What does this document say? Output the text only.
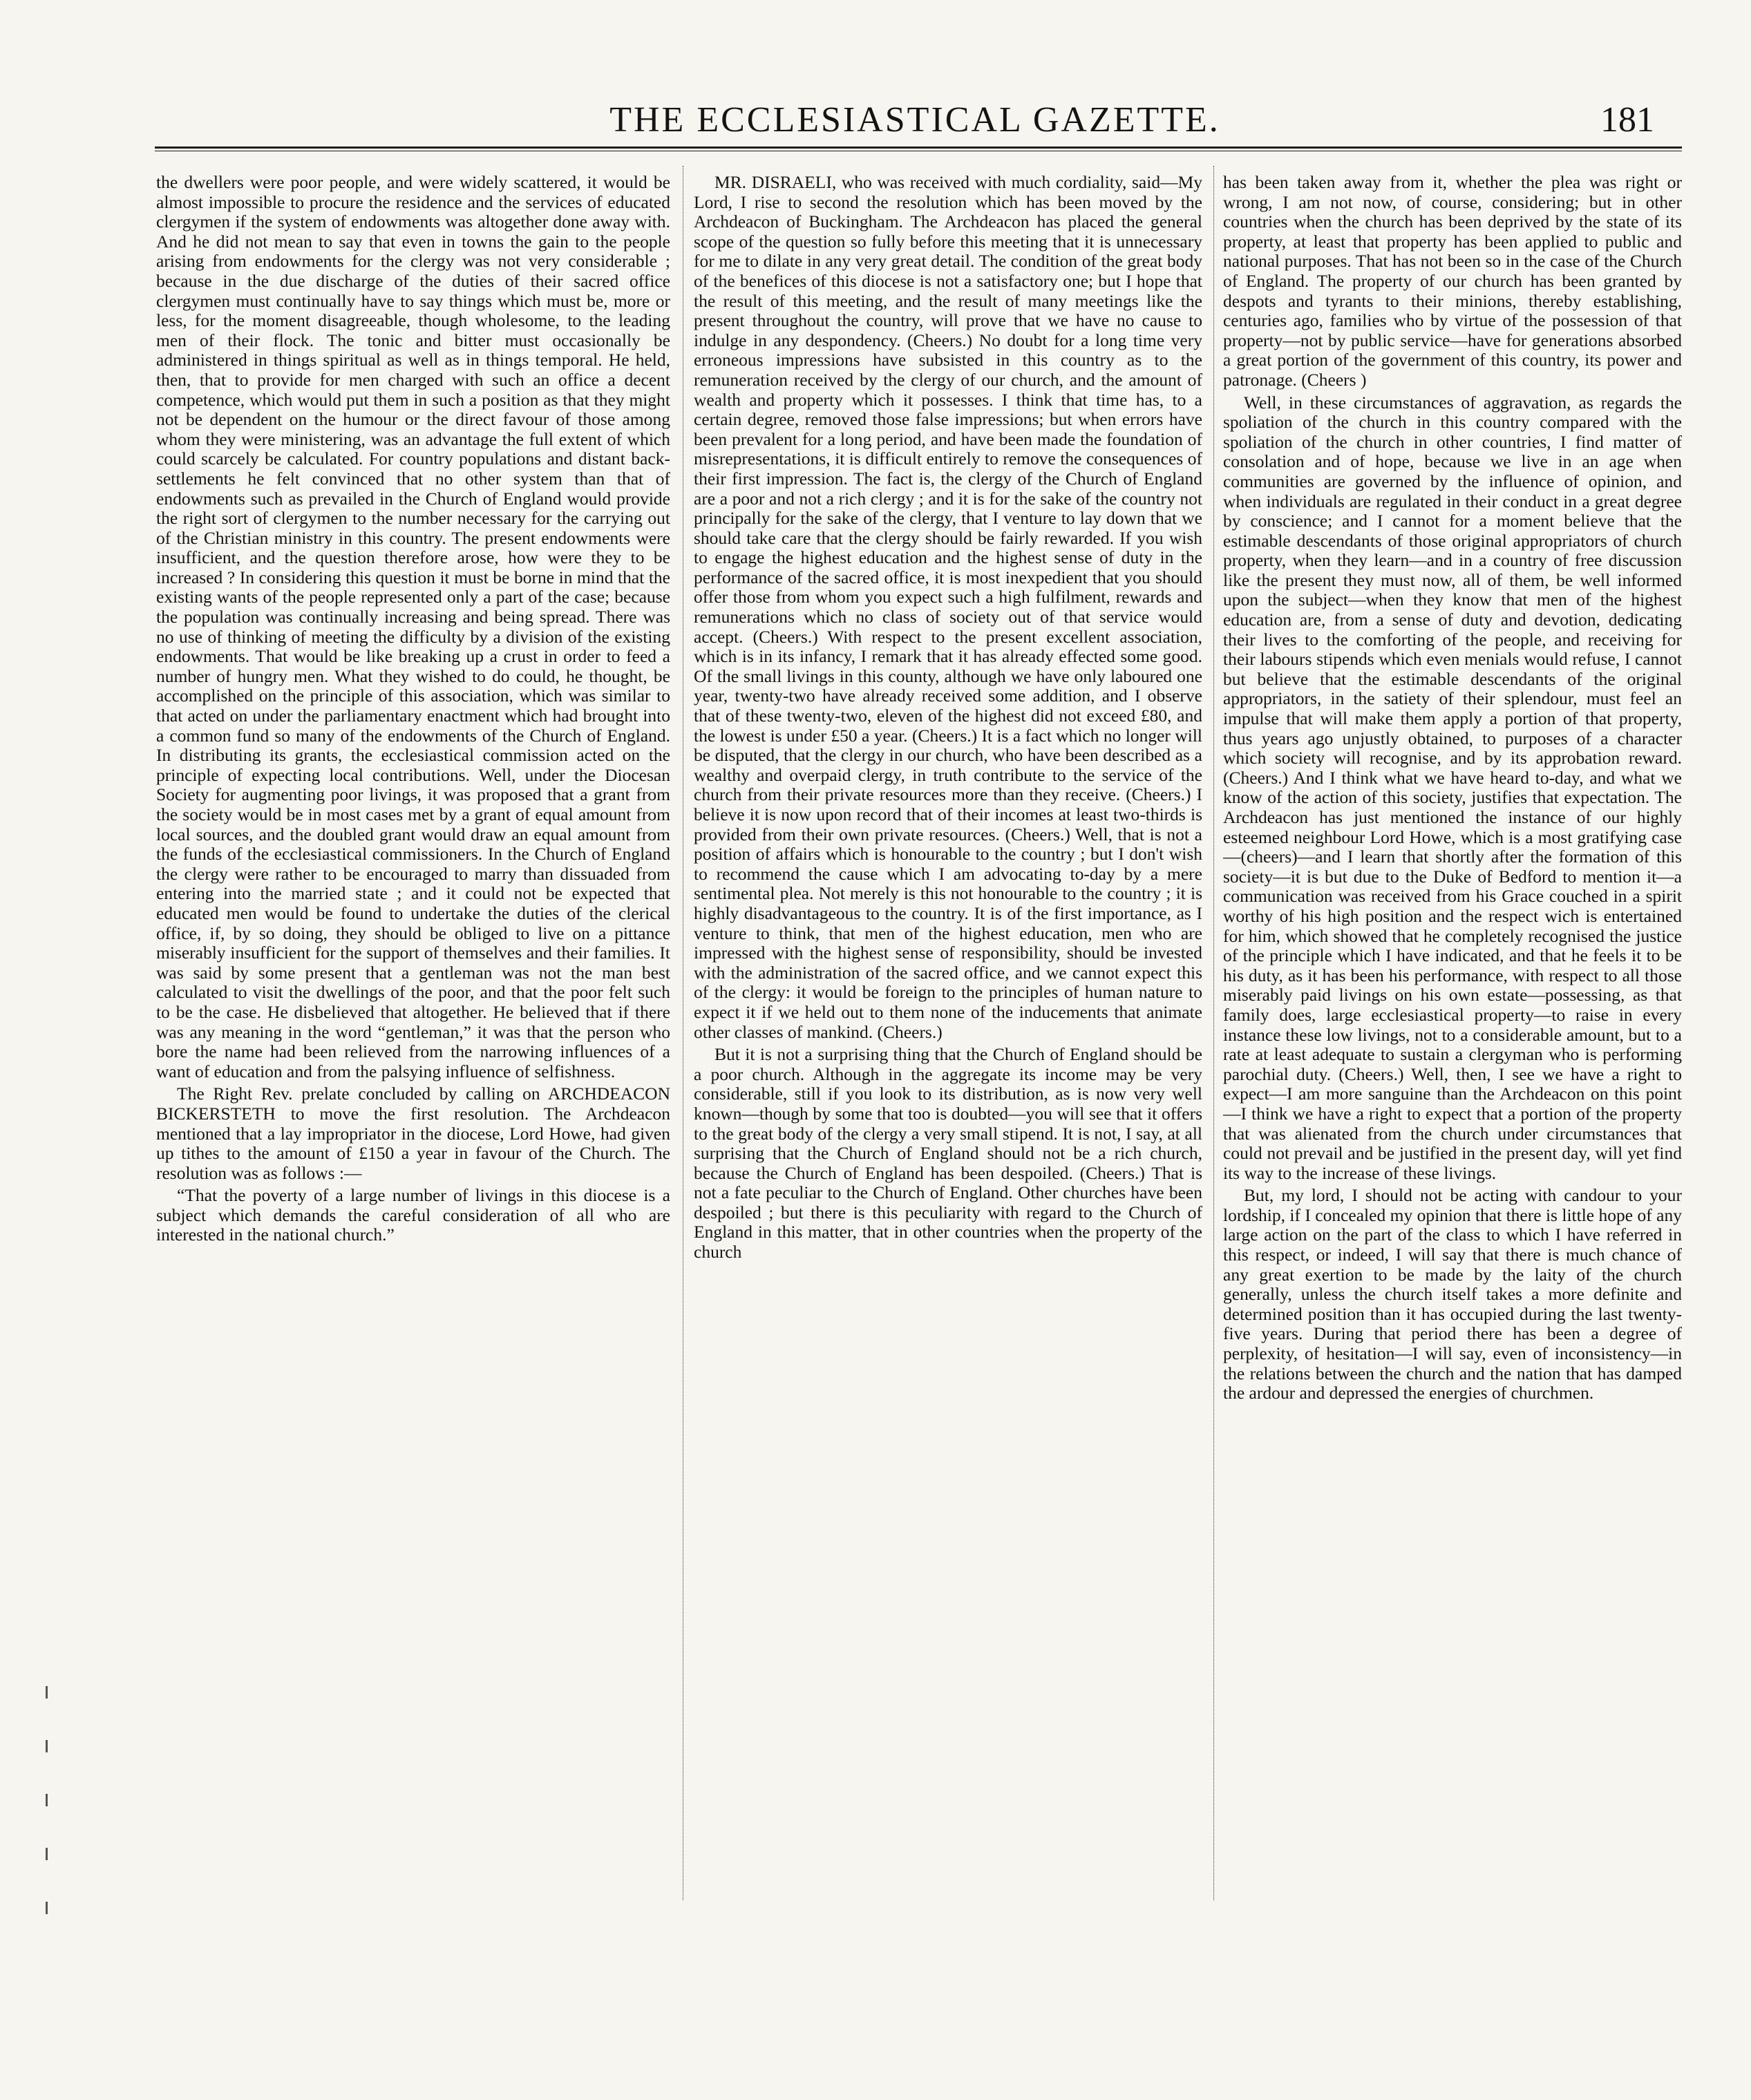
THE ECCLESIASTICAL GAZETTE.	181

the dwellers were poor people, and were widely scattered, it would be almost impossible to procure the residence and the services of educated clergymen if the system of endowments was altogether done away with. And he did not mean to say that even in towns the gain to the people arising from endowments for the clergy was not very considerable ; because in the due discharge of the duties of their sacred office clergymen must continually have to say things which must be, more or less, for the moment disagreeable, though wholesome, to the leading men of their flock. The tonic and bitter must occasionally be administered in things spiritual as well as in things temporal. He held, then, that to provide for men charged with such an office a decent competence, which would put them in such a position as that they might not be dependent on the humour or the direct favour of those among whom they were ministering, was an advantage the full extent of which could scarcely be calculated. For country populations and distant back-settlements he felt convinced that no other system than that of endowments such as prevailed in the Church of England would provide the right sort of clergymen to the number necessary for the carrying out of the Christian ministry in this country. The present endowments were insufficient, and the question therefore arose, how were they to be increased ? In considering this question it must be borne in mind that the existing wants of the people represented only a part of the case; because the population was continually increasing and being spread. There was no use of thinking of meeting the difficulty by a division of the existing endowments. That would be like breaking up a crust in order to feed a number of hungry men. What they wished to do could, he thought, be accomplished on the principle of this association, which was similar to that acted on under the parliamentary enactment which had brought into a common fund so many of the endowments of the Church of England. In distributing its grants, the ecclesiastical commission acted on the principle of expecting local contributions. Well, under the Diocesan Society for augmenting poor livings, it was proposed that a grant from the society would be in most cases met by a grant of equal amount from local sources, and the doubled grant would draw an equal amount from the funds of the ecclesiastical commissioners. In the Church of England the clergy were rather to be encouraged to marry than dissuaded from entering into the married state ; and it could not be expected that educated men would be found to undertake the duties of the clerical office, if, by so doing, they should be obliged to live on a pittance miserably insufficient for the support of themselves and their families. It was said by some present that a gentleman was not the man best calculated to visit the dwellings of the poor, and that the poor felt such to be the case. He disbelieved that altogether. He believed that if there was any meaning in the word “gentleman,” it was that the person who bore the name had been relieved from the narrowing influences of a want of education and from the palsying influence of selfishness.

The Right Rev. prelate concluded by calling on ARCHDEACON BICKERSTETH to move the first resolution. The Archdeacon mentioned that a lay impropriator in the diocese, Lord Howe, had given up tithes to the amount of £150 a year in favour of the Church. The resolution was as follows :—

“That the poverty of a large number of livings in this diocese is a subject which demands the careful consideration of all who are interested in the national church.”

MR. DISRAELI, who was received with much cordiality, said—My Lord, I rise to second the resolution which has been moved by the Archdeacon of Buckingham. The Archdeacon has placed the general scope of the question so fully before this meeting that it is unnecessary for me to dilate in any very great detail. The condition of the great body of the benefices of this diocese is not a satisfactory one; but I hope that the result of this meeting, and the result of many meetings like the present throughout the country, will prove that we have no cause to indulge in any despondency. (Cheers.) No doubt for a long time very erroneous impressions have subsisted in this country as to the remuneration received by the clergy of our church, and the amount of wealth and property which it possesses. I think that time has, to a certain degree, removed those false impressions; but when errors have been prevalent for a long period, and have been made the foundation of misrepresentations, it is difficult entirely to remove the consequences of their first impression. The fact is, the clergy of the Church of England are a poor and not a rich clergy ; and it is for the sake of the country not principally for the sake of the clergy, that I venture to lay down that we should take care that the clergy should be fairly rewarded. If you wish to engage the highest education and the highest sense of duty in the performance of the sacred office, it is most inexpedient that you should offer those from whom you expect such a high fulfilment, rewards and remunerations which no class of society out of that service would accept. (Cheers.) With respect to the present excellent association, which is in its infancy, I remark that it has already effected some good. Of the small livings in this county, although we have only laboured one year, twenty-two have already received some addition, and I observe that of these twenty-two, eleven of the highest did not exceed £80, and the lowest is under £50 a year. (Cheers.) It is a fact which no longer will be disputed, that the clergy in our church, who have been described as a wealthy and overpaid clergy, in truth contribute to the service of the church from their private resources more than they receive. (Cheers.) I believe it is now upon record that of their incomes at least two-thirds is provided from their own private resources. (Cheers.) Well, that is not a position of affairs which is honourable to the country ; but I don't wish to recommend the cause which I am advocating to-day by a mere sentimental plea. Not merely is this not honourable to the country ; it is highly disadvantageous to the country. It is of the first importance, as I venture to think, that men of the highest education, men who are impressed with the highest sense of responsibility, should be invested with the administration of the sacred office, and we cannot expect this of the clergy: it would be foreign to the principles of human nature to expect it if we held out to them none of the inducements that animate other classes of mankind. (Cheers.)

But it is not a surprising thing that the Church of England should be a poor church. Although in the aggregate its income may be very considerable, still if you look to its distribution, as is now very well known—though by some that too is doubted—you will see that it offers to the great body of the clergy a very small stipend. It is not, I say, at all surprising that the Church of England should not be a rich church, because the Church of England has been despoiled. (Cheers.) That is not a fate peculiar to the Church of England. Other churches have been despoiled ; but there is this peculiarity with regard to the Church of England in this matter, that in other countries when the property of the church

has been taken away from it, whether the plea was right or wrong, I am not now, of course, considering; but in other countries when the church has been deprived by the state of its property, at least that property has been applied to public and national purposes. That has not been so in the case of the Church of England. The property of our church has been granted by despots and tyrants to their minions, thereby establishing, centuries ago, families who by virtue of the possession of that property—not by public service—have for generations absorbed a great portion of the government of this country, its power and patronage. (Cheers )

Well, in these circumstances of aggravation, as regards the spoliation of the church in this country compared with the spoliation of the church in other countries, I find matter of consolation and of hope, because we live in an age when communities are governed by the influence of opinion, and when individuals are regulated in their conduct in a great degree by conscience; and I cannot for a moment believe that the estimable descendants of those original appropriators of church property, when they learn—and in a country of free discussion like the present they must now, all of them, be well informed upon the subject—when they know that men of the highest education are, from a sense of duty and devotion, dedicating their lives to the comforting of the people, and receiving for their labours stipends which even menials would refuse, I cannot but believe that the estimable descendants of the original appropriators, in the satiety of their splendour, must feel an impulse that will make them apply a portion of that property, thus years ago unjustly obtained, to purposes of a character which society will recognise, and by its approbation reward. (Cheers.) And I think what we have heard to-day, and what we know of the action of this society, justifies that expectation. The Archdeacon has just mentioned the instance of our highly esteemed neighbour Lord Howe, which is a most gratifying case—(cheers)—and I learn that shortly after the formation of this society—it is but due to the Duke of Bedford to mention it—a communication was received from his Grace couched in a spirit worthy of his high position and the respect wich is entertained for him, which showed that he completely recognised the justice of the principle which I have indicated, and that he feels it to be his duty, as it has been his performance, with respect to all those miserably paid livings on his own estate—possessing, as that family does, large ecclesiastical property—to raise in every instance these low livings, not to a considerable amount, but to a rate at least adequate to sustain a clergyman who is performing parochial duty. (Cheers.) Well, then, I see we have a right to expect—I am more sanguine than the Archdeacon on this point—I think we have a right to expect that a portion of the property that was alienated from the church under circumstances that could not prevail and be justified in the present day, will yet find its way to the increase of these livings.

But, my lord, I should not be acting with candour to your lordship, if I concealed my opinion that there is little hope of any large action on the part of the class to which I have referred in this respect, or indeed, I will say that there is much chance of any great exertion to be made by the laity of the church generally, unless the church itself takes a more definite and determined position than it has occupied during the last twenty-five years. During that period there has been a degree of perplexity, of hesitation—I will say, even of inconsistency—in the relations between the church and the nation that has damped the ardour and depressed the energies of churchmen.
